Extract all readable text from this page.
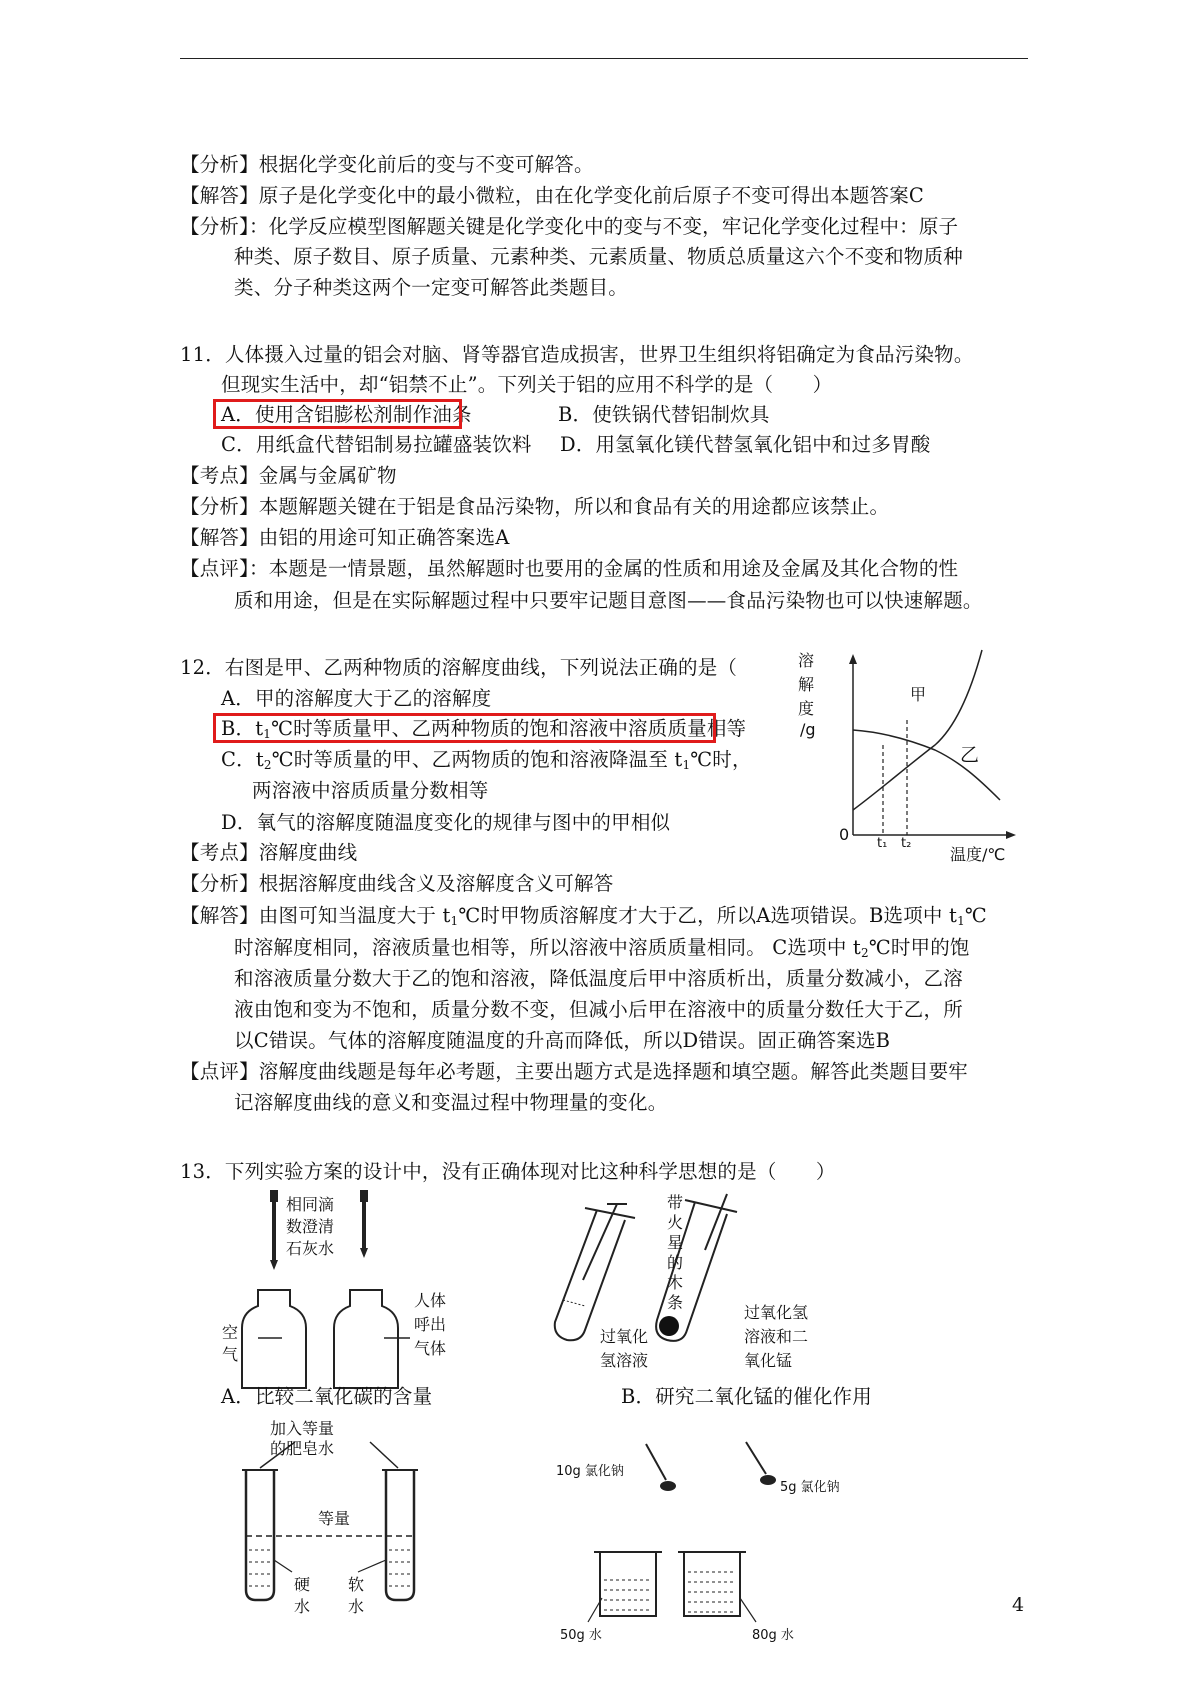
【分析】根据化学变化前后的变与不变可解答。
【解答】原子是化学变化中的最小微粒，由在化学变化前后原子不变可得出本题答案C
【分析】：化学反应模型图解题关键是化学变化中的变与不变，牢记化学变化过程中：原子
种类、原子数目、原子质量、元素种类、元素质量、物质总质量这六个不变和物质种
类、分子种类这两个一定变可解答此类题目。
11．人体摄入过量的铝会对脑、肾等器官造成损害，世界卫生组织将铝确定为食品污染物。
但现实生活中，却“铝禁不止”。下列关于铝的应用不科学的是（　　）
A．使用含铝膨松剂制作油条	B．使铁锅代替铝制炊具
C．用纸盒代替铝制易拉罐盛装饮料 D．用氢氧化镁代替氢氧化铝中和过多胃酸
【考点】金属与金属矿物
【分析】本题解题关键在于铝是食品污染物，所以和食品有关的用途都应该禁止。
【解答】由铝的用途可知正确答案选A
【点评】：本题是一情景题，虽然解题时也要用的金属的性质和用途及金属及其化合物的性
质和用途，但是在实际解题过程中只要牢记题目意图——食品污染物也可以快速解题。
12．右图是甲、乙两种物质的溶解度曲线，下列说法正确的是（
A．甲的溶解度大于乙的溶解度
B．$t_1℃$时等质量甲、乙两种物质的饱和溶液中溶质质量相等
C．$t_2℃$时等质量的甲、乙两物质的饱和溶液降温至 $t_1℃$时，
两溶液中溶质质量分数相等
D．氧气的溶解度随温度变化的规律与图中的甲相似
【考点】溶解度曲线
【分析】根据溶解度曲线含义及溶解度含义可解答
【解答】由图可知当温度大于 $t_1℃$时甲物质溶解度才大于乙，所以A选项错误。B选项中 $t_1℃$
时溶解度相同，溶液质量也相等，所以溶液中溶质质量相同。 C选项中 $t_2℃$时甲的饱
和溶液质量分数大于乙的饱和溶液，降低温度后甲中溶质析出，质量分数减小，乙溶
液由饱和变为不饱和，质量分数不变，但减小后甲在溶液中的质量分数任大于乙，所
以C错误。气体的溶解度随温度的升高而降低，所以D错误。固正确答案选B
【点评】溶解度曲线题是每年必考题，主要出题方式是选择题和填空题。解答此类题目要牢
记溶解度曲线的意义和变温过程中物理量的变化。
溶
解
度
/g
0
甲
乙
t₁ t₂
温度/℃
13．下列实验方案的设计中，没有正确体现对比这种科学思想的是（　　）
相同滴
数澄清
石灰水
空
气
人体
呼出
气体
A．比较二氧化碳的含量
带
火
星
的
木
条
过氧化
氢溶液
过氧化氢
溶液和二
氧化锰
B．研究二氧化锰的催化作用
加入等量
的肥皂水
等量
硬
水
软
水
10g 氯化钠
5g 氯化钠
50g 水	80g 水
4
